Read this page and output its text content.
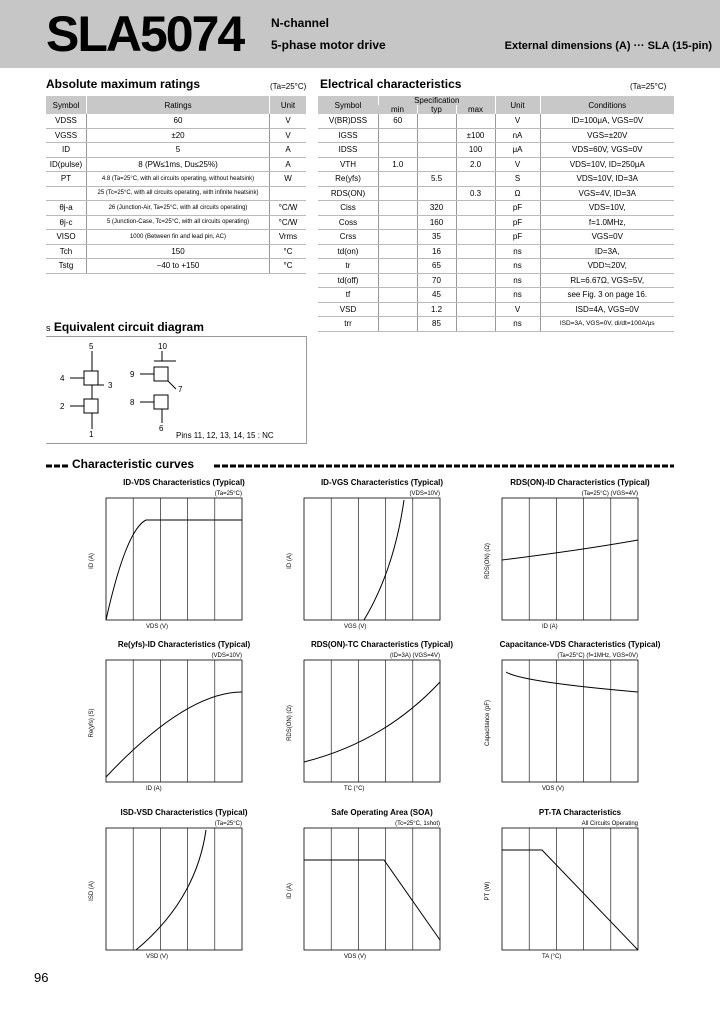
SLA5074 N-channel
5-phase motor drive	External dimensions (A) ··· SLA (15-pin)
Absolute maximum ratings	(Ta=25°C)
Symbol	Ratings	Unit
VDSS	60	V
VGSS	±20	V
ID	5	A
ID(pulse)	8 (PW≤1ms, Du≤25%)	A
PT	4.8 (Ta=25°C, with all circuits operating, without heatsink)	W
	25 (Tc=25°C, with all circuits operating, with infinite heatsink)	
θj-a	26 (Junction-Air, Ta=25°C, with all circuits operating)	°C/W
θj-c	5 (Junction-Case, Tc=25°C, with all circuits operating)	°C/W
VISO	1000 (Between fin and lead pin, AC)	Vrms
Tch	150	°C
Tstg	−40 to +150	°C
Electrical characteristics	(Ta=25°C)
Symbol	Specification			Unit	Conditions
	min	typ	max		
V(BR)DSS	60			V	ID=100μA, VGS=0V
IGSS			±100	nA	VGS=±20V
IDSS			100	μA	VDS=60V, VGS=0V
VTH	1.0		2.0	V	VDS=10V, ID=250μA
Re(yfs)		5.5		S	VDS=10V, ID=3A
RDS(ON)			0.3	Ω	VGS=4V, ID=3A
Ciss		320		pF	VDS=10V,
Coss		160		pF	f=1.0MHz,
Crss		35		pF	VGS=0V
td(on)		16		ns	ID=3A,
tr		65		ns	VDD≒20V,
td(off)		70		ns	RL=6.67Ω, VGS=5V,
tf		45		ns	see Fig. 3 on page 16.
VSD		1.2		V	ISD=4A, VGS=0V
trr		85		ns	ISD=3A, VGS=0V, di/dt=100A/μs
s Equivalent circuit diagram
5
4
3
2
1
10
9
7
8
6
Pins 11, 12, 13, 14, 15 : NC
Characteristic curves
ID-VDS Characteristics (Typical)
(Ta=25°C)
VDS (V)
ID (A)
ID-VGS Characteristics (Typical)
(VDS=10V)
VGS (V)
ID (A)
RDS(ON)-ID Characteristics (Typical)
(Ta=25°C) (VGS=4V)
ID (A)
RDS(ON) (Ω)
Re(yfs)-ID Characteristics (Typical)
(VDS=10V)
ID (A)
Re(yfs) (S)
RDS(ON)-TC Characteristics (Typical)
(ID=3A) (VGS=4V)
TC (°C)
RDS(ON) (Ω)
Capacitance-VDS Characteristics (Typical)
(Ta=25°C) (f=1MHz, VGS=0V)
VDS (V)
Capacitance (pF)
ISD-VSD Characteristics (Typical)
(Ta=25°C)
VSD (V)
ISD (A)
Safe Operating Area (SOA)
(Tc=25°C, 1shot)
VDS (V)
ID (A)
PT-TA Characteristics
All Circuits Operating
TA (°C)
PT (W)
96
